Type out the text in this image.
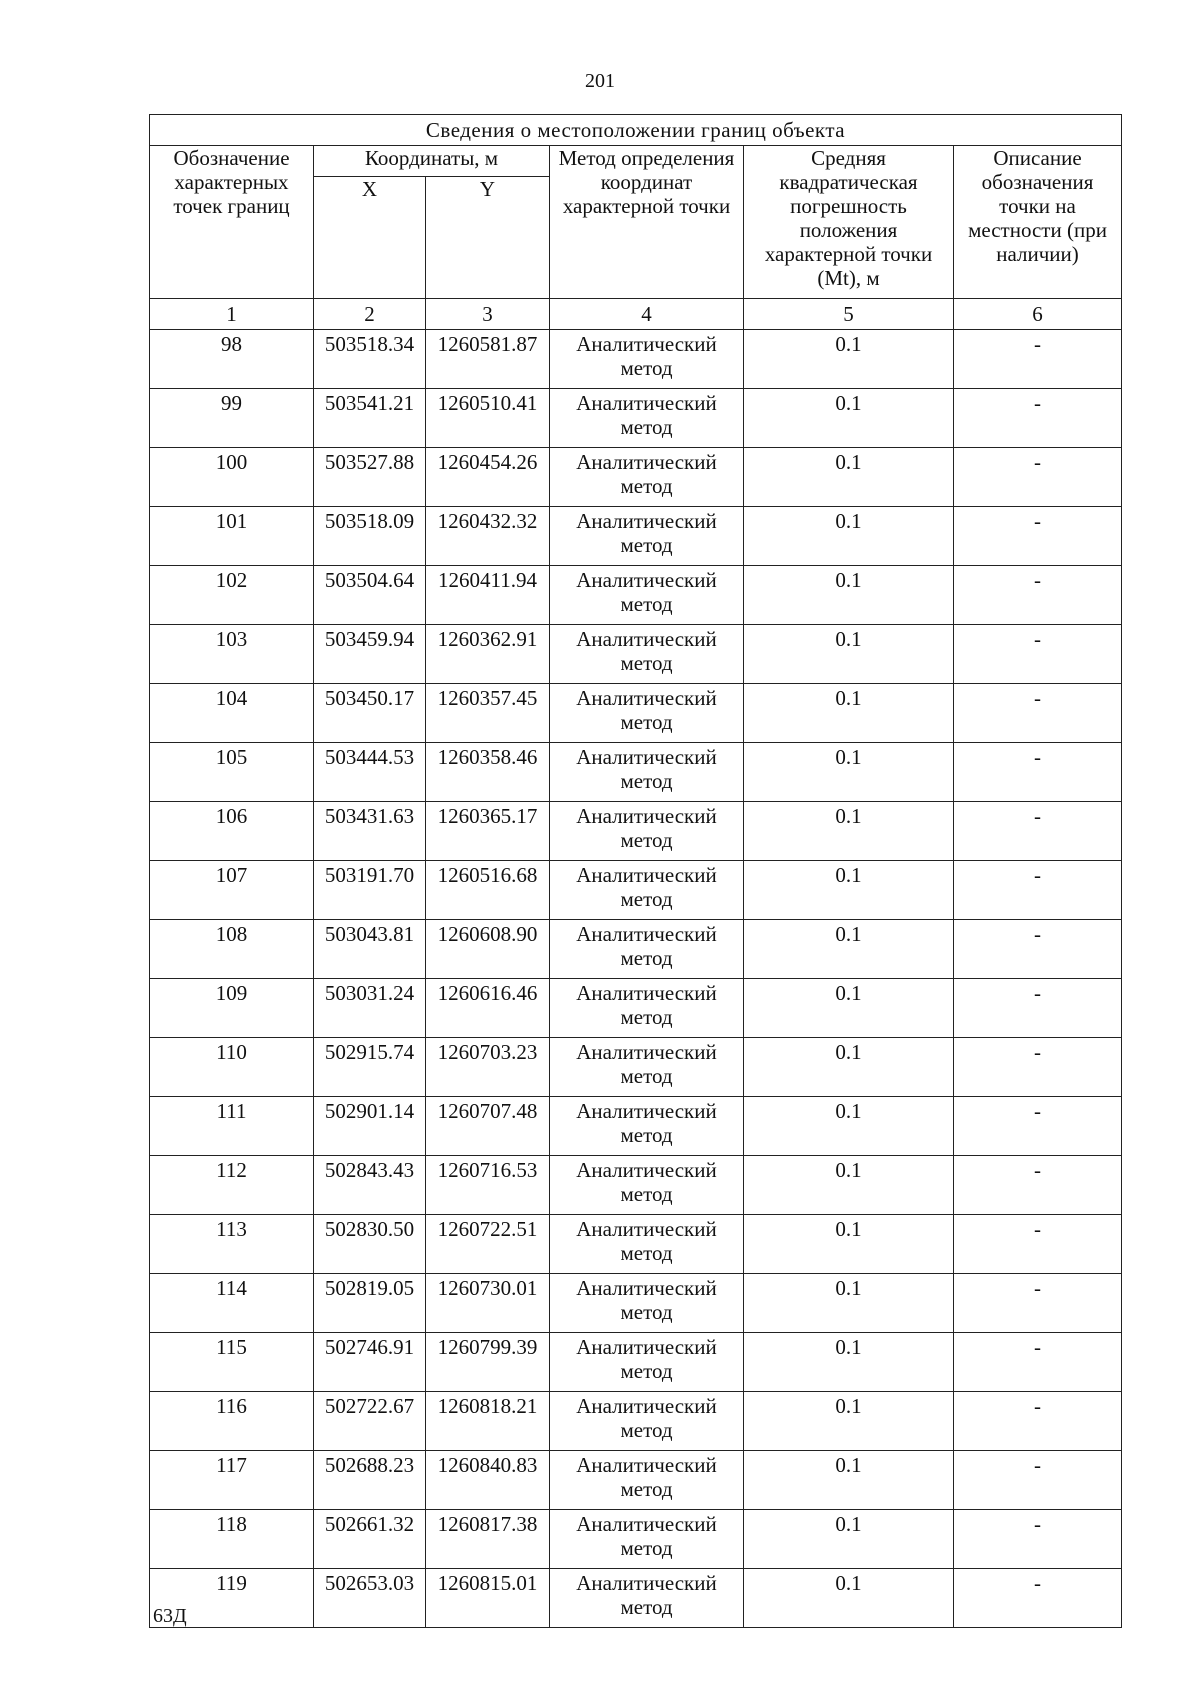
201
Сведения о местоположении границ объекта					
Обозначение характерных точек границ	Координаты, м		Метод определения координат характерной точки	Средняя квадратическая погрешность положения характерной точки (Mt), м	Описание обозначения точки на местности (при наличии)
	X	Y			
1	2	3	4	5	6
98	503518.34	1260581.87	Аналитический метод	0.1	-
99	503541.21	1260510.41	Аналитический метод	0.1	-
100	503527.88	1260454.26	Аналитический метод	0.1	-
101	503518.09	1260432.32	Аналитический метод	0.1	-
102	503504.64	1260411.94	Аналитический метод	0.1	-
103	503459.94	1260362.91	Аналитический метод	0.1	-
104	503450.17	1260357.45	Аналитический метод	0.1	-
105	503444.53	1260358.46	Аналитический метод	0.1	-
106	503431.63	1260365.17	Аналитический метод	0.1	-
107	503191.70	1260516.68	Аналитический метод	0.1	-
108	503043.81	1260608.90	Аналитический метод	0.1	-
109	503031.24	1260616.46	Аналитический метод	0.1	-
110	502915.74	1260703.23	Аналитический метод	0.1	-
111	502901.14	1260707.48	Аналитический метод	0.1	-
112	502843.43	1260716.53	Аналитический метод	0.1	-
113	502830.50	1260722.51	Аналитический метод	0.1	-
114	502819.05	1260730.01	Аналитический метод	0.1	-
115	502746.91	1260799.39	Аналитический метод	0.1	-
116	502722.67	1260818.21	Аналитический метод	0.1	-
117	502688.23	1260840.83	Аналитический метод	0.1	-
118	502661.32	1260817.38	Аналитический метод	0.1	-
119	502653.03	1260815.01	Аналитический метод	0.1	-
63Д
